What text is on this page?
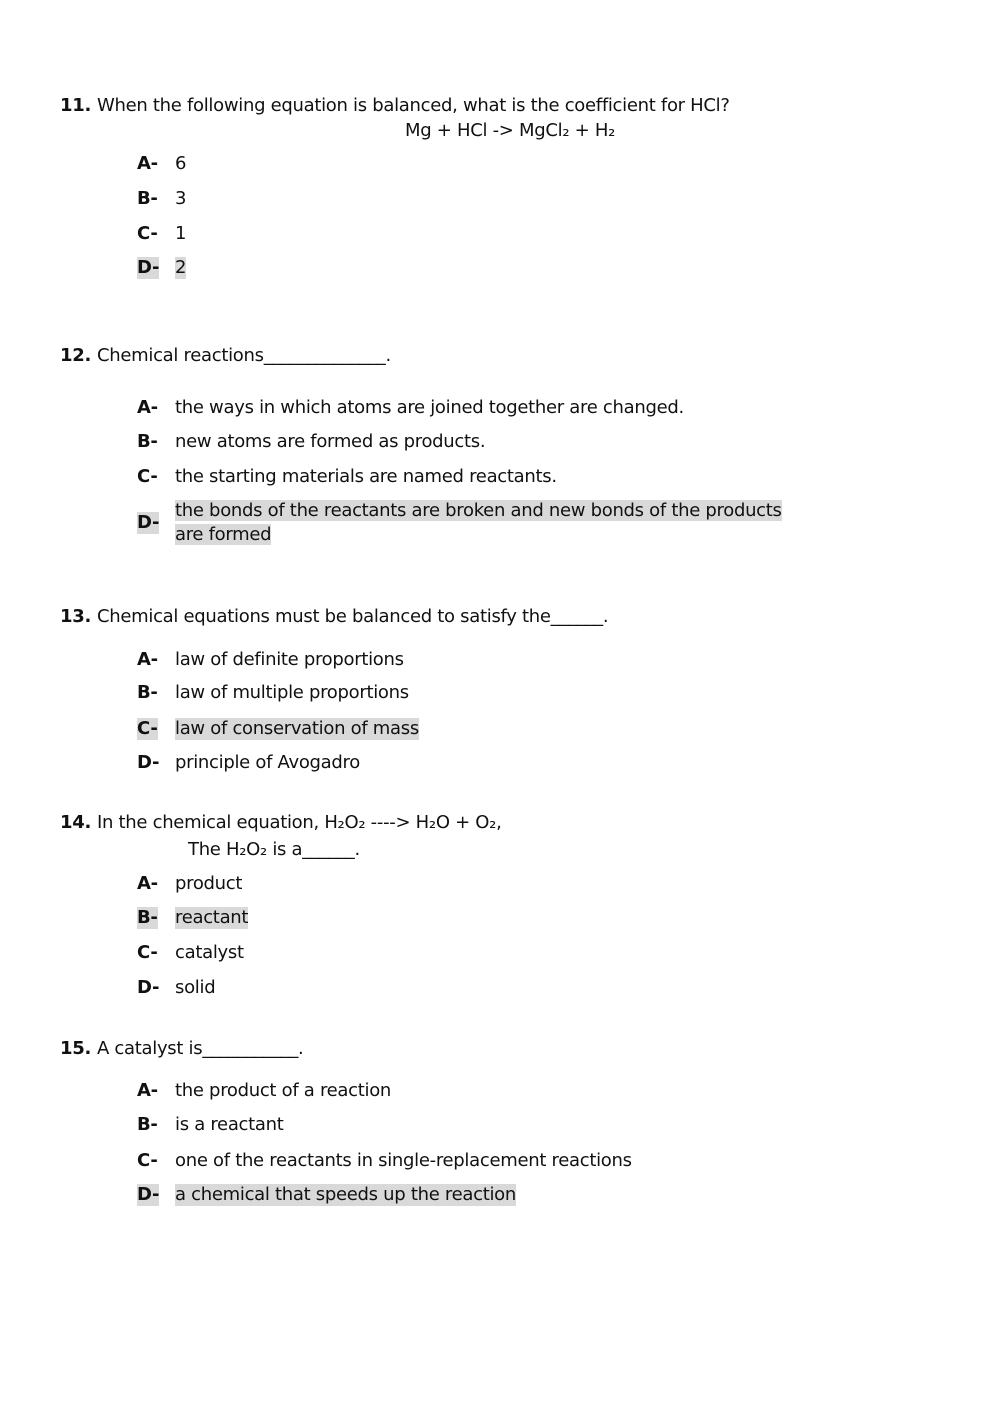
11. When the following equation is balanced, what is the coefficient for HCl?
Mg + HCl -> MgCl₂ + H₂
A- 6
B- 3
C- 1
D- 2
12. Chemical reactions______________.
A- the ways in which atoms are joined together are changed.
B- new atoms are formed as products.
C- the starting materials are named reactants.
D-
the bonds of the reactants are broken and new bonds of the products are formed
13. Chemical equations must be balanced to satisfy the______.
A- law of definite proportions
B- law of multiple proportions
C- law of conservation of mass
D- principle of Avogadro
14. In the chemical equation, H₂O₂ ----> H₂O + O₂,
The H₂O₂ is a______.
A- product
B- reactant
C- catalyst
D- solid
15. A catalyst is___________.
A- the product of a reaction
B- is a reactant
C- one of the reactants in single-replacement reactions
D- a chemical that speeds up the reaction
